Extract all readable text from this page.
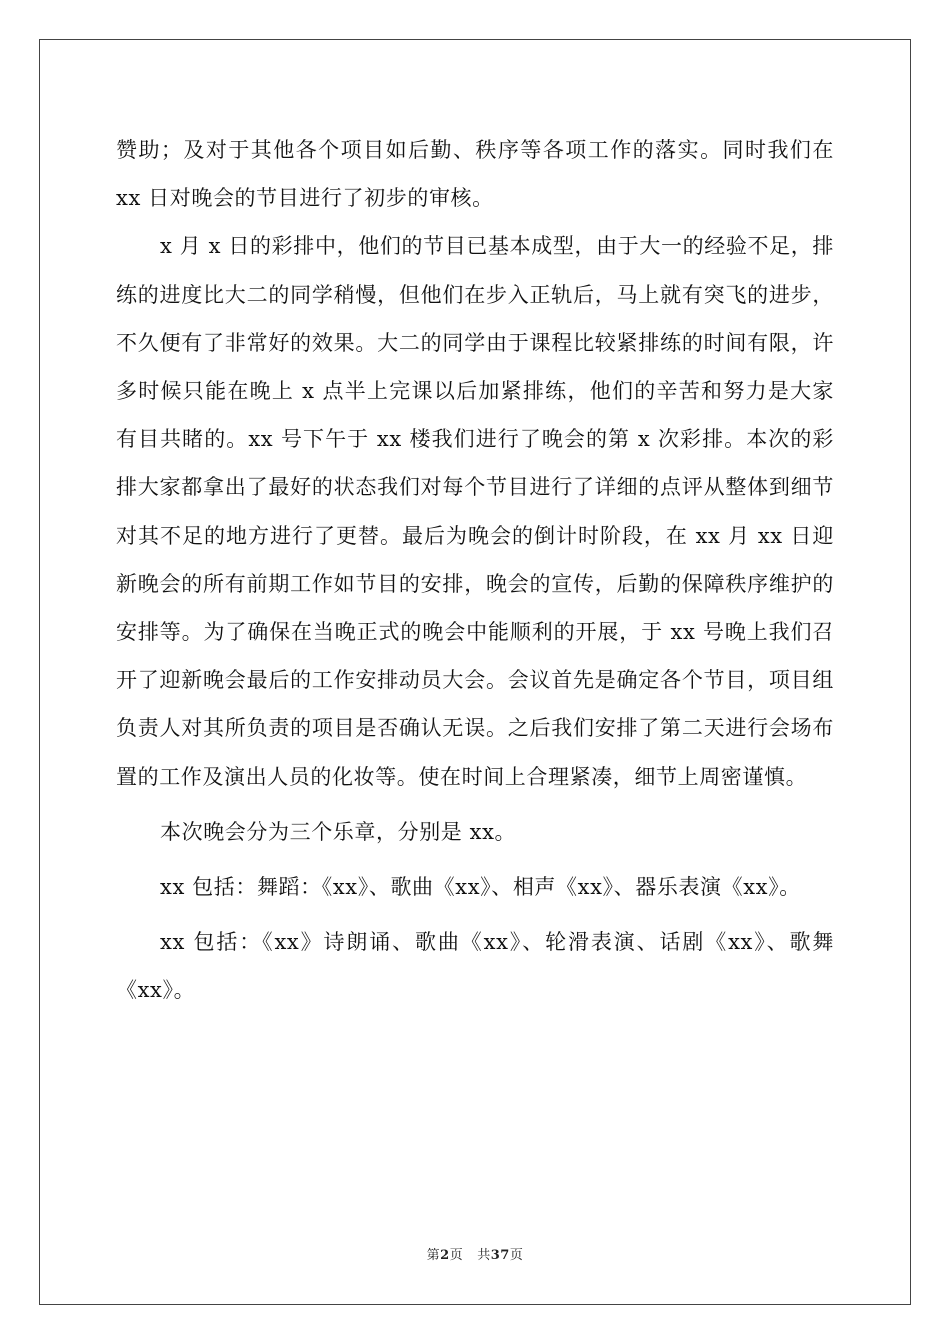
赞助；及对于其他各个项目如后勤、秩序等各项工作的落实。同时我们在 xx 日对晚会的节目进行了初步的审核。

x 月 x 日的彩排中，他们的节目已基本成型，由于大一的经验不足，排练的进度比大二的同学稍慢，但他们在步入正轨后，马上就有突飞的进步，不久便有了非常好的效果。大二的同学由于课程比较紧排练的时间有限，许多时候只能在晚上 x 点半上完课以后加紧排练，他们的辛苦和努力是大家有目共睹的。xx 号下午于 xx 楼我们进行了晚会的第 x 次彩排。本次的彩排大家都拿出了最好的状态我们对每个节目进行了详细的点评从整体到细节对其不足的地方进行了更替。最后为晚会的倒计时阶段，在 xx 月 xx 日迎新晚会的所有前期工作如节目的安排，晚会的宣传，后勤的保障秩序维护的安排等。为了确保在当晚正式的晚会中能顺利的开展，于 xx 号晚上我们召开了迎新晚会最后的工作安排动员大会。会议首先是确定各个节目，项目组负责人对其所负责的项目是否确认无误。之后我们安排了第二天进行会场布置的工作及演出人员的化妆等。使在时间上合理紧凑，细节上周密谨慎。

本次晚会分为三个乐章，分别是 xx。

xx 包括：舞蹈：《xx》、歌曲《xx》、相声《xx》、器乐表演《xx》。

xx 包括：《xx》诗朗诵、歌曲《xx》、轮滑表演、话剧《xx》、歌舞《xx》。

第2页 共37页
